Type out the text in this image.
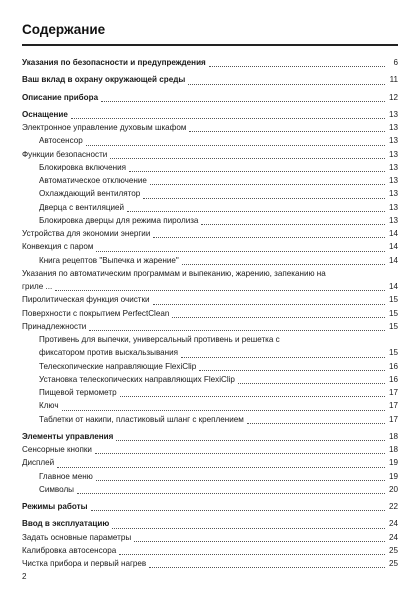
Содержание
Указания по безопасности и предупреждения	6
Ваш вклад в охрану окружающей среды	11
Описание прибора	12
Оснащение	13
Электронное управление духовым шкафом	13
Автосенсор	13
Функции безопасности	13
Блокировка включения	13
Автоматическое отключение	13
Охлаждающий вентилятор	13
Дверца с вентиляцией	13
Блокировка дверцы для режима пиролиза	13
Устройства для экономии энергии	14
Конвекция с паром	14
Книга рецептов "Выпечка и жарение"	14
Указания по автоматическим программам и выпеканию, жарению, запеканию на
гриле ...	14
Пиролитическая функция очистки	15
Поверхности с покрытием PerfectClean	15
Принадлежности	15
Противень для выпечки, универсальный противень и решетка с
фиксатором против выскальзывания	15
Телескопические направляющие FlexiClip	16
Установка телескопических направляющих FlexiClip	16
Пищевой термометр	17
Ключ	17
Таблетки от накипи, пластиковый шланг с креплением	17
Элементы управления	18
Сенсорные кнопки	18
Дисплей	19
Главное меню	19
Символы	20
Режимы работы	22
Ввод в эксплуатацию	24
Задать основные параметры	24
Калибровка автосенсора	25
Чистка прибора и первый нагрев	25
2
